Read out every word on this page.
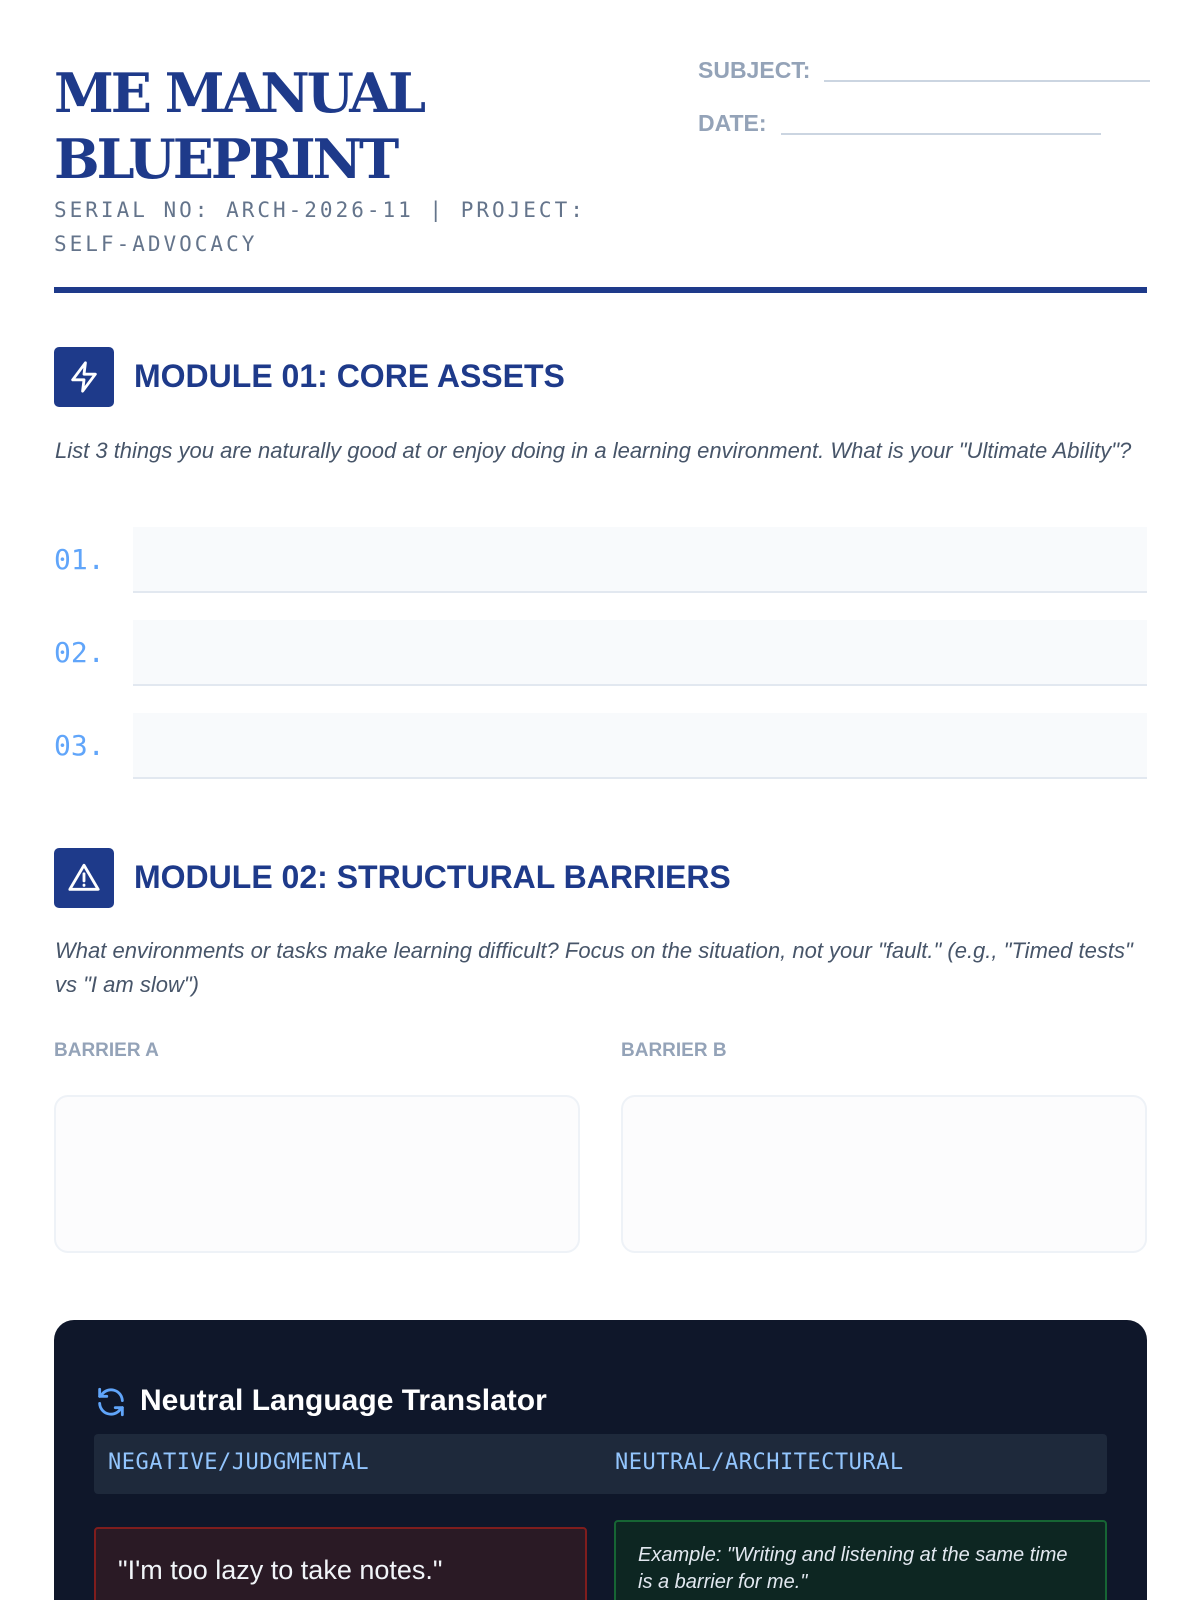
ME MANUAL
BLUEPRINT
SERIAL NO: ARCH-2026-11 | PROJECT:
SELF-ADVOCACY
SUBJECT:
DATE:
MODULE 01: CORE ASSETS
List 3 things you are naturally good at or enjoy doing in a learning environment. What is your "Ultimate Ability"?
01.
02.
03.
MODULE 02: STRUCTURAL BARRIERS
What environments or tasks make learning difficult? Focus on the situation, not your "fault." (e.g., "Timed tests" vs "I am slow")
BARRIER A	BARRIER B
Neutral Language Translator
NEGATIVE/JUDGMENTAL	NEUTRAL/ARCHITECTURAL
"I'm too lazy to take notes."	Example: "Writing and listening at the same time is a barrier for me."
